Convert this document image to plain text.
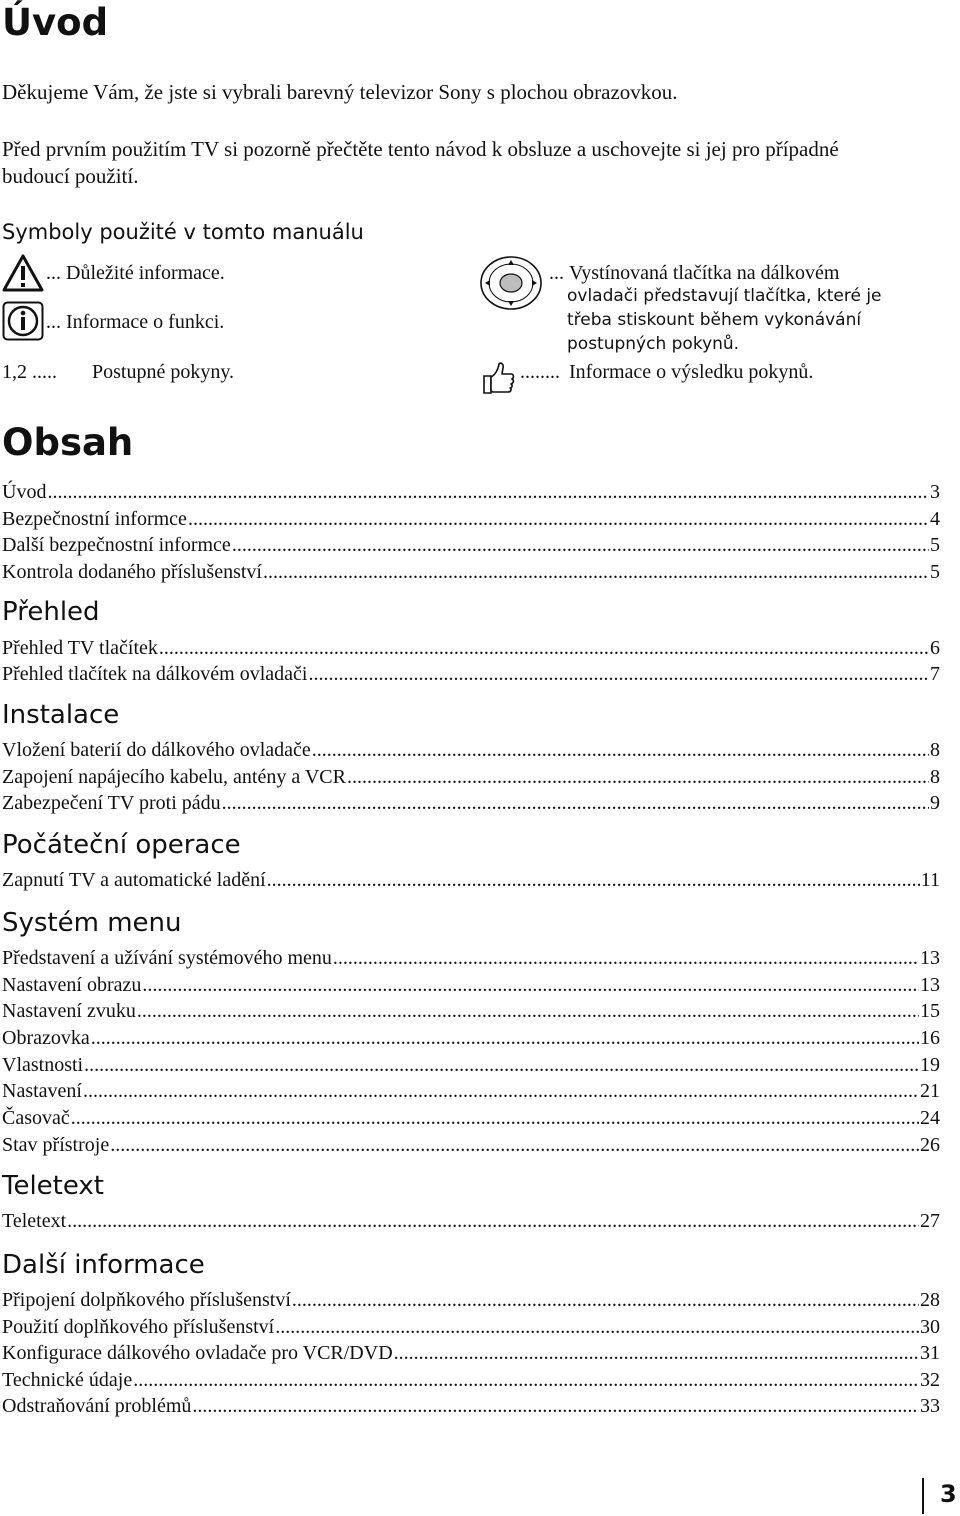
Úvod
Děkujeme Vám, že jste si vybrali barevný televizor Sony s plochou obrazovkou.
Před prvním použitím TV si pozorně přečtěte tento návod k obsluze a uschovejte si jej pro případné
budoucí použití.
Symboly použité v tomto manuálu
... Důležité informace.
... Informace o funkci.
1,2 ..... Postupné pokyny.
... Vystínovaná tlačítka na dálkovém
ovladači představují tlačítka, které je
třeba stiskount během vykonávání
postupných pokynů.
........ Informace o výsledku pokynů.
Obsah
Úvod .....	3
Bezpečnostní informce .....	4
Další bezpečnostní informce .....	5
Kontrola dodaného příslušenství .....	5
Přehled
Přehled TV tlačítek .....	6
Přehled tlačítek na dálkovém ovladači .....	7
Instalace
Vložení baterií do dálkového ovladače .....	8
Zapojení napájecího kabelu, antény a VCR .....	8
Zabezpečení TV proti pádu .....	9
Počáteční operace
Zapnutí TV a automatické ladění .....	11
Systém menu
Představení a užívání systémového menu .....	13
Nastavení obrazu .....	13
Nastavení zvuku .....	15
Obrazovka .....	16
Vlastnosti .....	19
Nastavení .....	21
Časovač .....	24
Stav přístroje .....	26
Teletext
Teletext .....	27
Další informace
Připojení dolpňkového příslušenství .....	28
Použití doplňkového příslušenství .....	30
Konfigurace dálkového ovladače pro VCR/DVD .....	31
Technické údaje .....	32
Odstraňování problémů .....	33
3
